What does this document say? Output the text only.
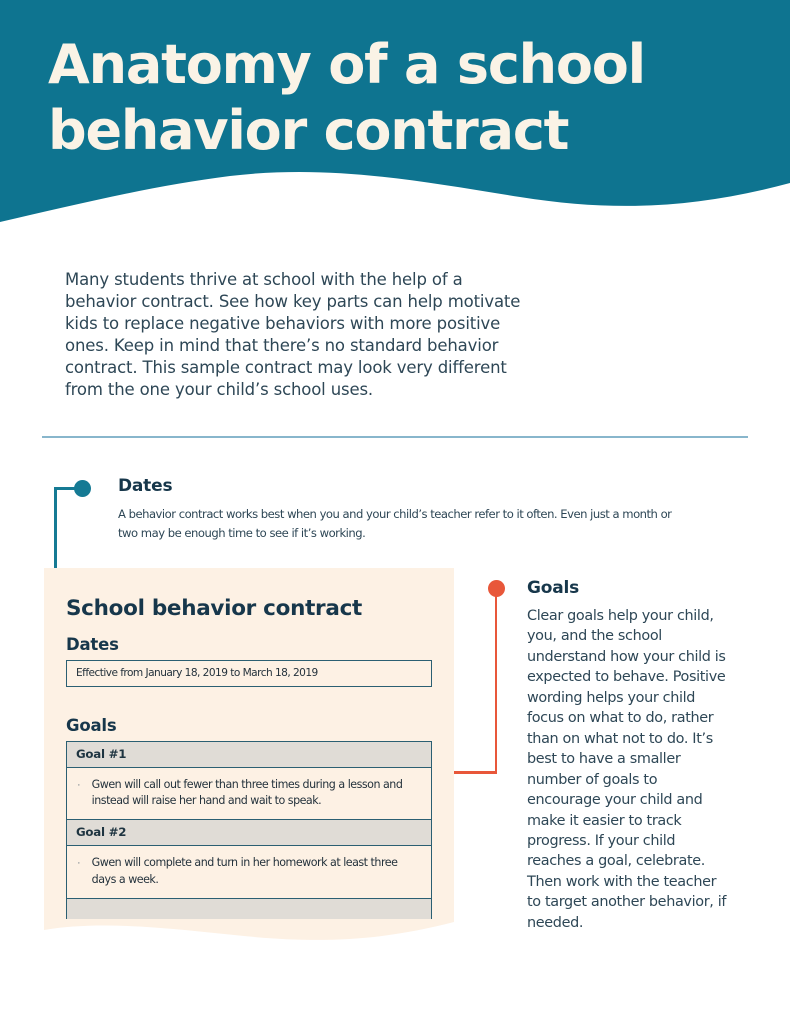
Anatomy of a school
behavior contract

Many students thrive at school with the help of a behavior contract. See how key parts can help motivate kids to replace negative behaviors with more positive ones. Keep in mind that there’s no standard behavior contract. This sample contract may look very different from the one your child’s school uses.

Dates
A behavior contract works best when you and your child’s teacher refer to it often. Even just a month or two may be enough time to see if it’s working.
Goals
Clear goals help your child, you, and the school understand how your child is expected to behave. Positive wording helps your child focus on what to do, rather than on what not to do. It’s best to have a smaller number of goals to encourage your child and make it easier to track progress. If your child reaches a goal, celebrate. Then work with the teacher to target another behavior, if needed.
School behavior contract
Dates
Effective from January 18, 2019 to March 18, 2019
Goals
Goal #1
· Gwen will call out fewer than three times during a lesson and instead will raise her hand and wait to speak.
Goal #2
· Gwen will complete and turn in her homework at least three days a week.
